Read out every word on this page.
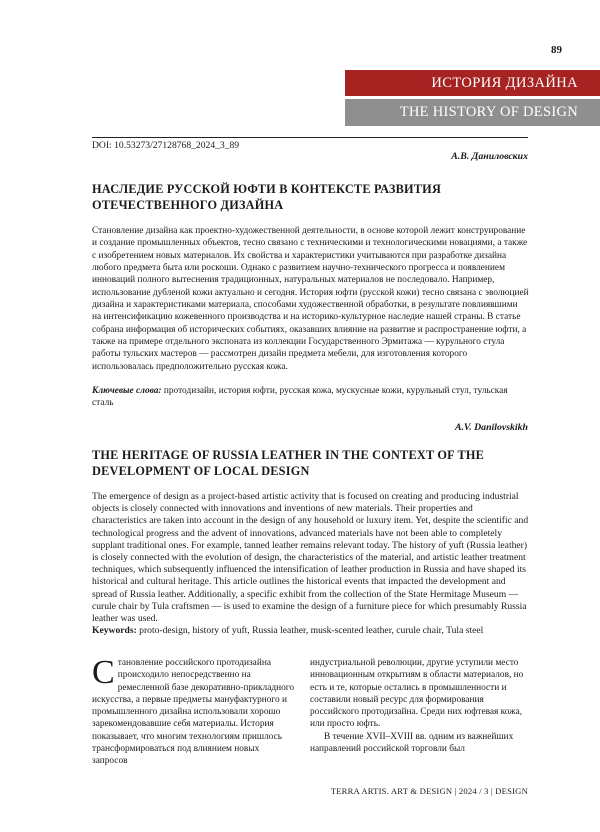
89
ИСТОРИЯ ДИЗАЙНА
THE HISTORY OF DESIGN
DOI: 10.53273/27128768_2024_3_89
А.В. Даниловских
НАСЛЕДИЕ РУССКОЙ ЮФТИ В КОНТЕКСТЕ РАЗВИТИЯ ОТЕЧЕСТВЕННОГО ДИЗАЙНА

Становление дизайна как проектно-художественной деятельности, в основе которой лежит конструирование и создание промышленных объектов, тесно связано с техническими и технологическими новациями, а также с изобретением новых материалов. Их свойства и характеристики учитываются при разработке дизайна любого предмета быта или роскоши. Однако с развитием научно-технического прогресса и появлением инноваций полного вытеснения традиционных, натуральных материалов не последовало. Например, использование дубленой кожи актуально и сегодня. История юфти (русской кожи) тесно связана с эволюцией дизайна и характеристиками материала, способами художественной обработки, в результате повлиявшими на интенсификацию кожевенного производства и на историко-культурное наследие нашей страны. В статье собрана информация об исторических событиях, оказавших влияние на развитие и распространение юфти, а также на примере отдельного экспоната из коллекции Государственного Эрмитажа — курульного стула работы тульских мастеров — рассмотрен дизайн предмета мебели, для изготовления которого использовалась предположительно русская кожа.

Ключевые слова: протодизайн, история юфти, русская кожа, мускусные кожи, курульный стул, тульская сталь

A.V. Danilovskikh
THE HERITAGE OF RUSSIA LEATHER IN THE CONTEXT OF THE DEVELOPMENT OF LOCAL DESIGN

The emergence of design as a project-based artistic activity that is focused on creating and producing industrial objects is closely connected with innovations and inventions of new materials. Their properties and characteristics are taken into account in the design of any household or luxury item. Yet, despite the scientific and technological progress and the advent of innovations, advanced materials have not been able to completely supplant traditional ones. For example, tanned leather remains relevant today. The history of yuft (Russia leather) is closely connected with the evolution of design, the characteristics of the material, and artistic leather treatment techniques, which subsequently influenced the intensification of leather production in Russia and have shaped its historical and cultural heritage. This article outlines the historical events that impacted the development and spread of Russia leather. Additionally, a specific exhibit from the collection of the State Hermitage Museum — curule chair by Tula craftsmen — is used to examine the design of a furniture piece for which presumably Russia leather was used.

Keywords: proto-design, history of yuft, Russia leather, musk-scented leather, curule chair, Tula steel

Становление российского протодизайна происходило непосредственно на ремесленной базе декоративно-прикладного искусства, а первые предметы мануфактурного и промышленного дизайна использовали хорошо зарекомендовавшие себя материалы. История показывает, что многим технологиям пришлось трансформироваться под влиянием новых запросов

индустриальной революции, другие уступили место инновационным открытиям в области материалов, но есть и те, которые остались в промышленности и составили новый ресурс для формирования российского протодизайна. Среди них юфтевая кожа, или просто юфть.

В течение XVII–XVIII вв. одним из важнейших направлений российской торговли был

TERRA ARTIS. ART & DESIGN | 2024 / 3 | DESIGN
